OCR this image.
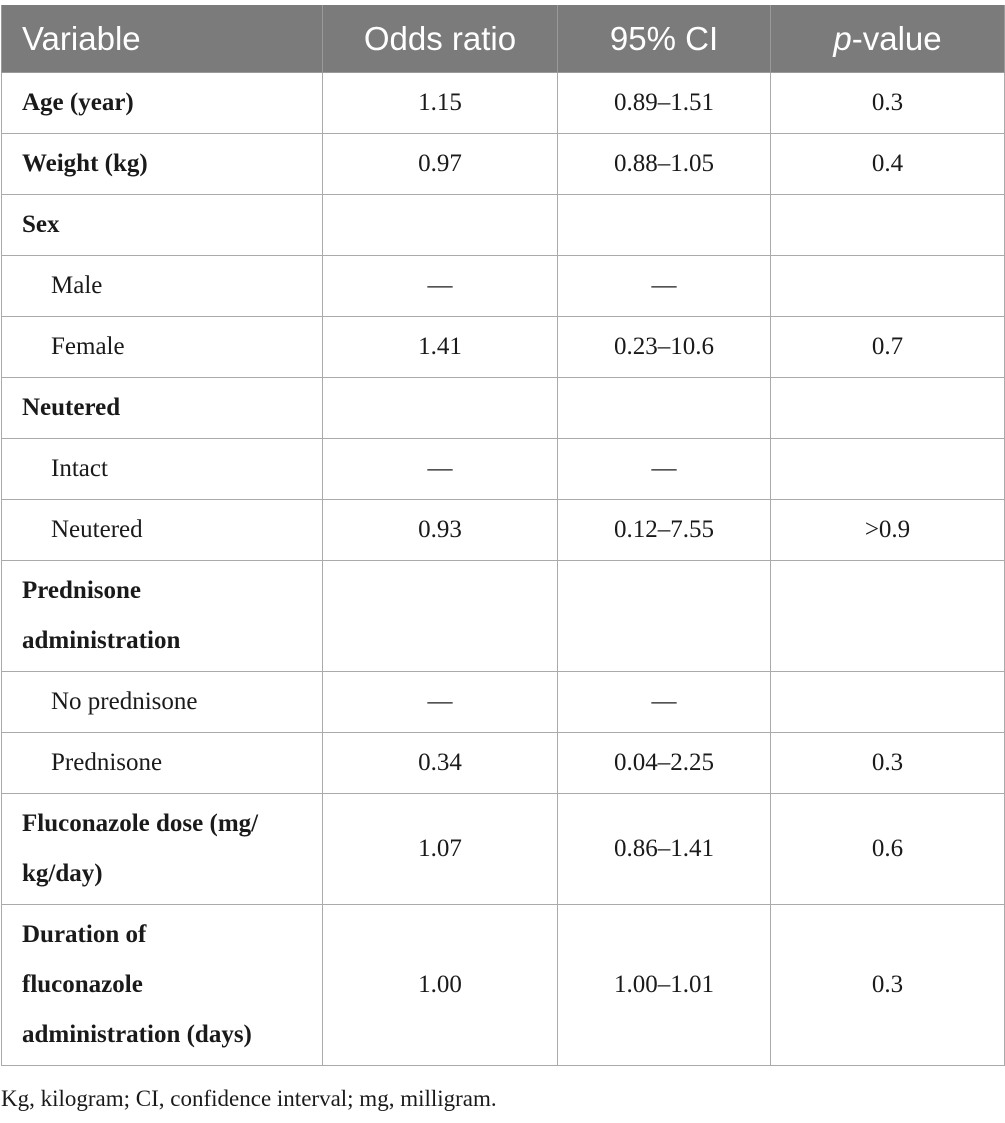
Variable	Odds ratio	95% CI	p-value
Age (year)	1.15	0.89–1.51	0.3
Weight (kg)	0.97	0.88–1.05	0.4
Sex			
Male	—	—	
Female	1.41	0.23–10.6	0.7
Neutered			
Intact	—	—	
Neutered	0.93	0.12–7.55	>0.9
Prednisone
administration			
No prednisone	—	—	
Prednisone	0.34	0.04–2.25	0.3
Fluconazole dose (mg/
kg/day)	1.07	0.86–1.41	0.6
Duration of
fluconazole
administration (days)	1.00	1.00–1.01	0.3
Kg, kilogram; CI, confidence interval; mg, milligram.
